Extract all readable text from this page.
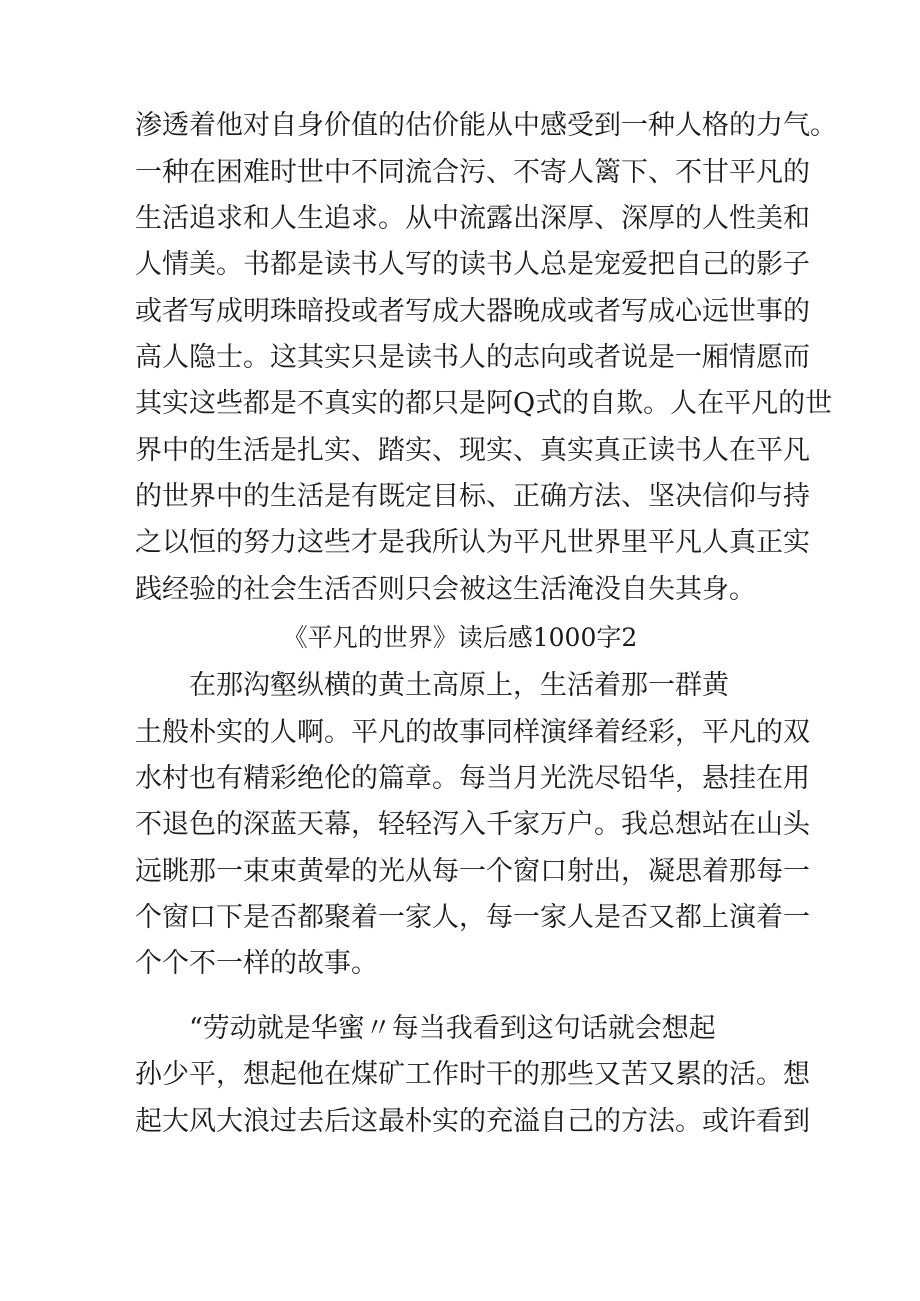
渗透着他对自身价值的估价能从中感受到一种人格的力气。
一种在困难时世中不同流合污、不寄人篱下、不甘平凡的
生活追求和人生追求。从中流露出深厚、深厚的人性美和
人情美。书都是读书人写的读书人总是宠爱把自己的影子
或者写成明珠暗投或者写成大器晚成或者写成心远世事的
高人隐士。这其实只是读书人的志向或者说是一厢情愿而
其实这些都是不真实的都只是阿Q式的自欺。人在平凡的世
界中的生活是扎实、踏实、现实、真实真正读书人在平凡
的世界中的生活是有既定目标、正确方法、坚决信仰与持
之以恒的努力这些才是我所认为平凡世界里平凡人真正实
践经验的社会生活否则只会被这生活淹没自失其身。
《平凡的世界》读后感1000字2
　　在那沟壑纵横的黄土高原上，生活着那一群黄
土般朴实的人啊。平凡的故事同样演绎着经彩，平凡的双
水村也有精彩绝伦的篇章。每当月光洗尽铅华，悬挂在用
不退色的深蓝天幕，轻轻泻入千家万户。我总想站在山头
远眺那一束束黄晕的光从每一个窗口射出，凝思着那每一
个窗口下是否都聚着一家人，每一家人是否又都上演着一
个个不一样的故事。
　　“劳动就是华蜜〃每当我看到这句话就会想起
孙少平，想起他在煤矿工作时干的那些又苦又累的活。想
起大风大浪过去后这最朴实的充溢自己的方法。或许看到
